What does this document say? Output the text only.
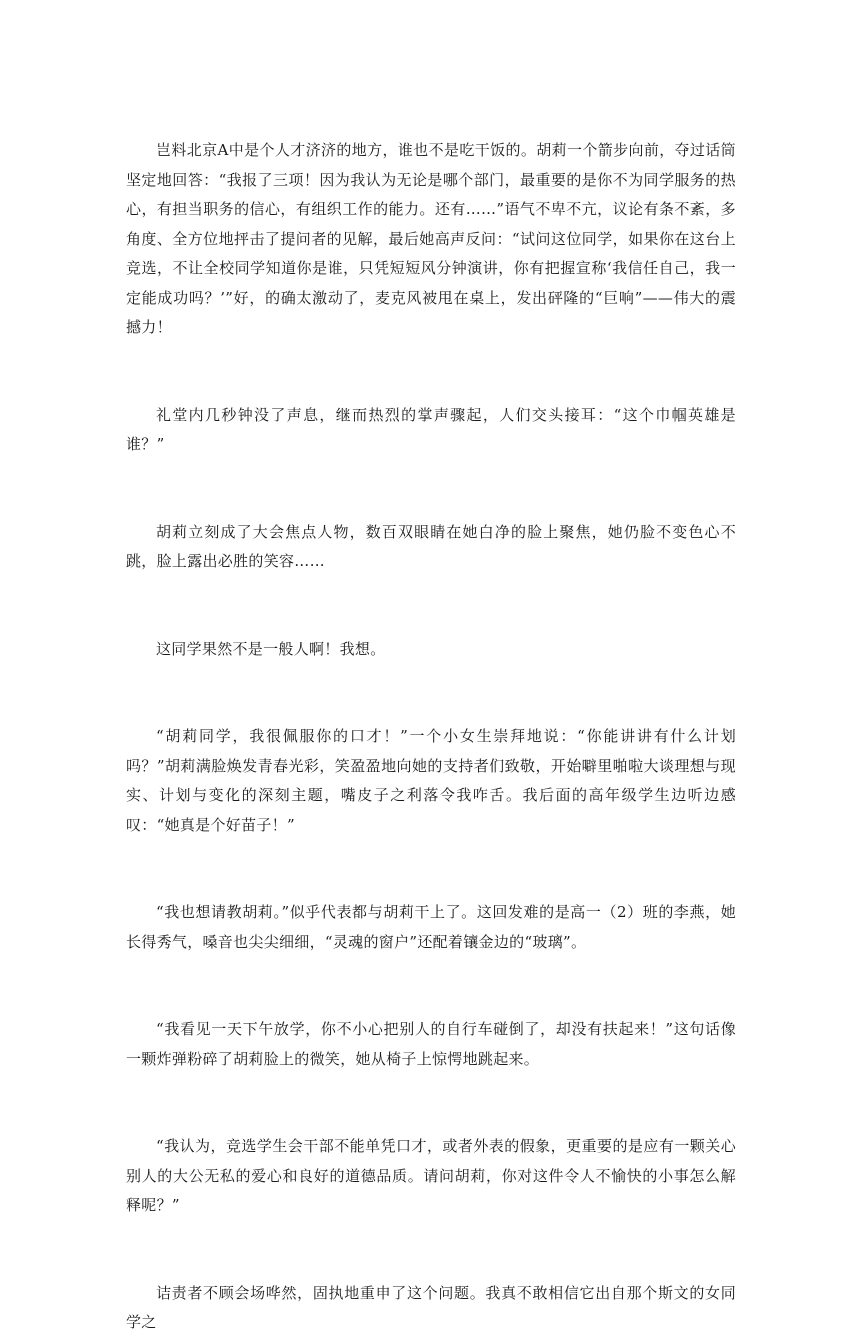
岂料北京A中是个人才济济的地方，谁也不是吃干饭的。胡莉一个箭步向前，夺过话筒坚定地回答：“我报了三项！因为我认为无论是哪个部门，最重要的是你不为同学服务的热心，有担当职务的信心，有组织工作的能力。还有……”语气不卑不亢，议论有条不紊，多角度、全方位地抨击了提问者的见解，最后她高声反问：“试问这位同学，如果你在这台上竞选，不让全校同学知道你是谁，只凭短短风分钟演讲，你有把握宣称‘我信任自己，我一定能成功吗？’”好，的确太激动了，麦克风被甩在桌上，发出砰隆的“巨响”——伟大的震撼力！

礼堂内几秒钟没了声息，继而热烈的掌声骤起，人们交头接耳：“这个巾帼英雄是谁？”

胡莉立刻成了大会焦点人物，数百双眼睛在她白净的脸上聚焦，她仍脸不变色心不跳，脸上露出必胜的笑容……

这同学果然不是一般人啊！我想。

“胡莉同学，我很佩服你的口才！”一个小女生崇拜地说：“你能讲讲有什么计划吗？”胡莉满脸焕发青春光彩，笑盈盈地向她的支持者们致敬，开始噼里啪啦大谈理想与现实、计划与变化的深刻主题，嘴皮子之利落令我咋舌。我后面的高年级学生边听边感叹：“她真是个好苗子！”

“我也想请教胡莉。”似乎代表都与胡莉干上了。这回发难的是高一（2）班的李燕，她长得秀气，嗓音也尖尖细细，“灵魂的窗户”还配着镶金边的“玻璃”。

“我看见一天下午放学，你不小心把别人的自行车碰倒了，却没有扶起来！”这句话像一颗炸弹粉碎了胡莉脸上的微笑，她从椅子上惊愕地跳起来。

“我认为，竞选学生会干部不能单凭口才，或者外表的假象，更重要的是应有一颗关心别人的大公无私的爱心和良好的道德品质。请问胡莉，你对这件令人不愉快的小事怎么解释呢？”

诘责者不顾会场哗然，固执地重申了这个问题。我真不敢相信它出自那个斯文的女同学之
